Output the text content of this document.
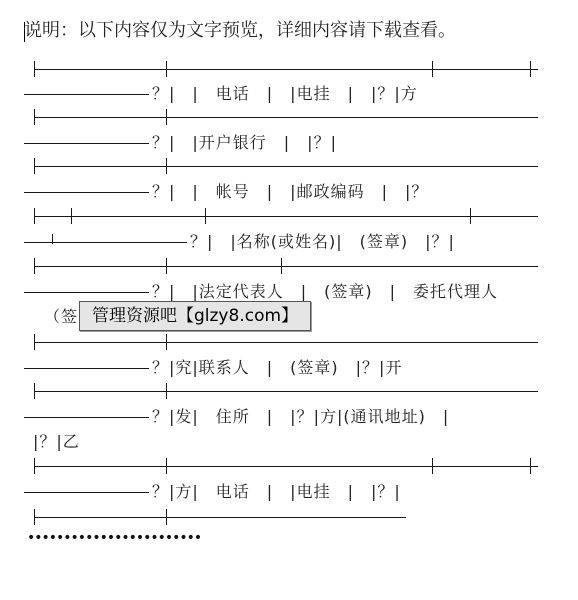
说明：以下内容仅为文字预览，详细内容请下载查看。
？|　|　电话　|　|电挂　|　|？|方
？|　|开户银行　|　|？|
？|　|　帐号　|　|邮政编码　|　|？
？|　|名称(或姓名)|　(签章)　|？|
？|　|法定代表人　|　(签章)　|　委托代理人
（签
？|究|联系人　|　(签章)　|？|开
？|发|　住所　|　|？|方|(通讯地址)　|
|？|乙
？|方|　电话　|　|电挂　|　|？|
管理资源吧【glzy8.com】
••••••••••••••••••••••••
